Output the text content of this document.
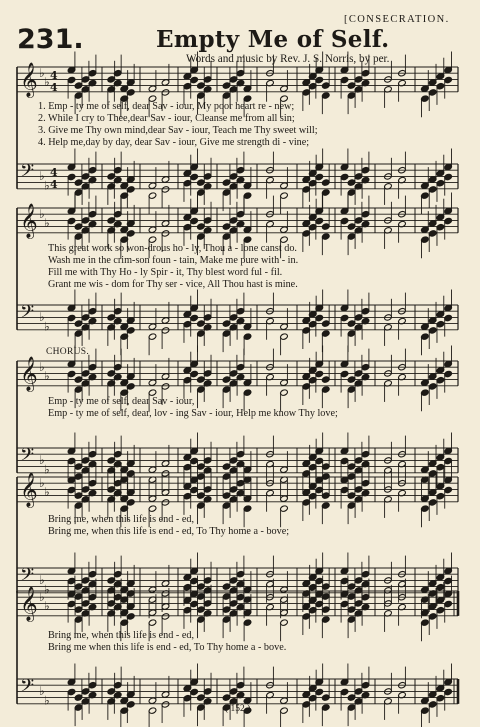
231.	Empty Me of Self.
[CONSECRATION.
Words and music by Rev. J. S. Norris, by per.
𝄞 ♭
♭ 4
4
𝄢 ♭
♭
4
4
𝄞 ♭
♭
𝄢 ♭
♭
𝄞 ♭
♭
𝄢 ♭
♭
𝄞 ♭
♭
𝄢 ♭
♭
𝄞 ♭
♭
𝄢 ♭
♭
1. Emp - ty me of self, dear Sav - iour, My poor heart re - new;
2. While I cry to Thee,dear Sav - iour, Cleanse me from all sin;
3. Give me Thy own mind,dear Sav - iour, Teach me Thy sweet will;
4. Help me,day by day, dear Sav - iour, Give me strength di - vine;
This great work so won-drous ho - ly, Thou a - lone canst do.
Wash me in the crim-son foun - tain, Make me pure with - in.
Fill me with Thy Ho - ly Spir - it, Thy blest word ful - fil.
Grant me wis - dom for Thy ser - vice, All Thou hast is mine.
CHORUS.
Emp - ty me of self, dear Sav - iour,
Emp - ty me of self, dear, lov - ing Sav - iour, Help me know Thy love;
Bring me, when this life is end - ed,
Bring me, when this life is end - ed, To Thy home a - bove;
Bring me, when this life is end - ed,
Bring me when this life is end - ed, To Thy home a - bove.
( 152 )
